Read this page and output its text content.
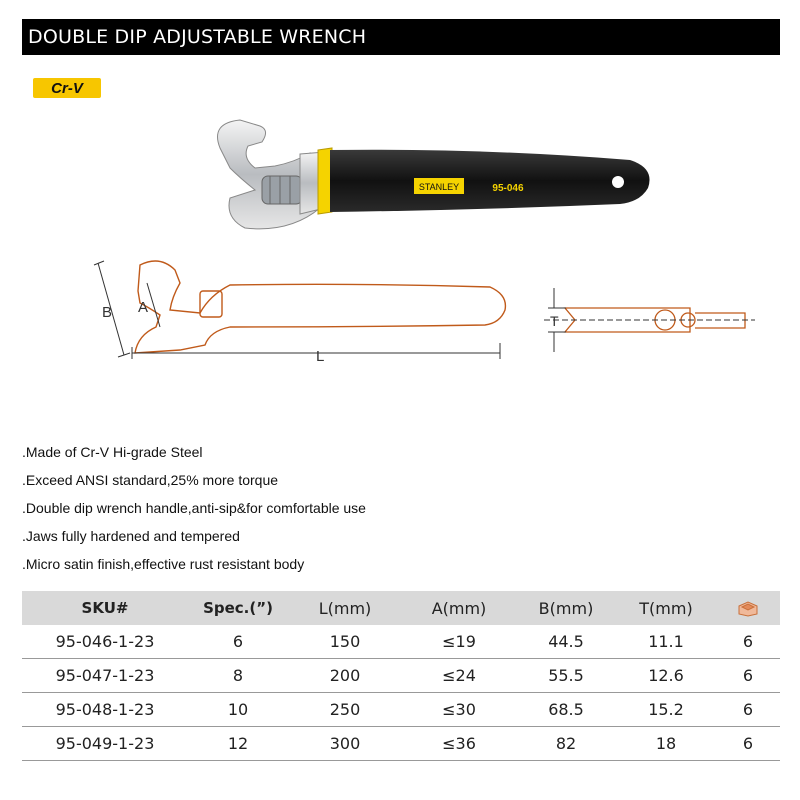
DOUBLE DIP ADJUSTABLE WRENCH
Cr-V
STANLEY	95-046
B A
L
T
.Made of Cr-V Hi-grade Steel
.Exceed ANSI standard,25% more torque
.Double dip wrench handle,anti-sip&for comfortable use
.Jaws fully hardened and tempered
.Micro satin finish,effective rust resistant body
SKU#	Spec.(”)	L(mm)	A(mm)	B(mm)	T(mm)	
95-046-1-23	6	150	≤19	44.5	11.1	6
95-047-1-23	8	200	≤24	55.5	12.6	6
95-048-1-23	10	250	≤30	68.5	15.2	6
95-049-1-23	12	300	≤36	82	18	6
